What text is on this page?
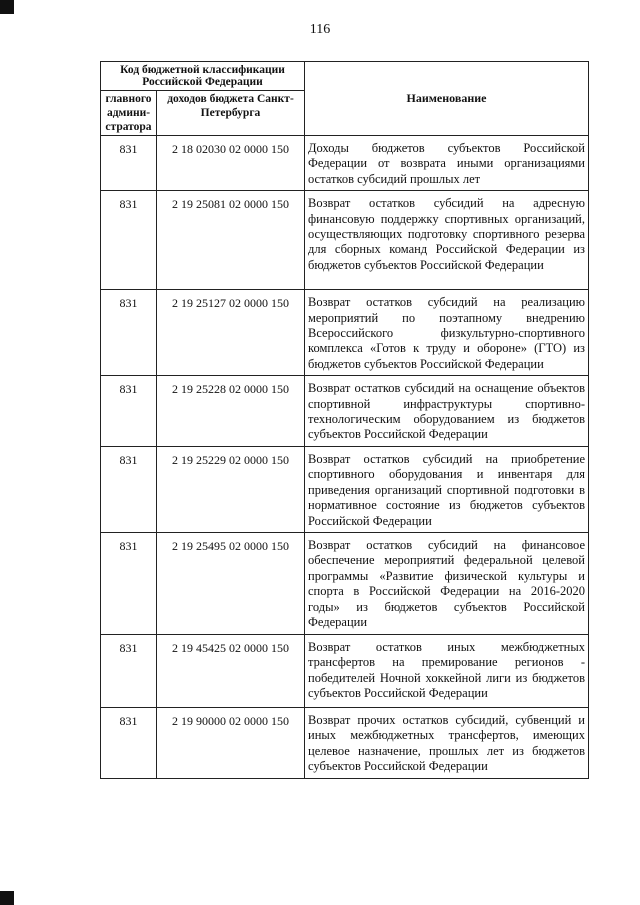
116
Код бюджетной классификации Российской Федерации		Наименование
главного админи-стратора	доходов бюджета Санкт-Петербурга	
831	2 18 02030 02 0000 150	Доходы бюджетов субъектов Российской Федерации от возврата иными организациями остатков субсидий прошлых лет
831	2 19 25081 02 0000 150	Возврат остатков субсидий на адресную финансовую поддержку спортивных организаций, осуществляющих подготовку спортивного резерва для сборных команд Российской Федерации из бюджетов субъектов Российской Федерации
831	2 19 25127 02 0000 150	Возврат остатков субсидий на реализацию мероприятий по поэтапному внедрению Всероссийского физкультурно-спортивного комплекса «Готов к труду и обороне» (ГТО) из бюджетов субъектов Российской Федерации
831	2 19 25228 02 0000 150	Возврат остатков субсидий на оснащение объектов спортивной инфраструктуры спортивно-технологическим оборудованием из бюджетов субъектов Российской Федерации
831	2 19 25229 02 0000 150	Возврат остатков субсидий на приобретение спортивного оборудования и инвентаря для приведения организаций спортивной подготовки в нормативное состояние из бюджетов субъектов Российской Федерации
831	2 19 25495 02 0000 150	Возврат остатков субсидий на финансовое обеспечение мероприятий федеральной целевой программы «Развитие физической культуры и спорта в Российской Федерации на 2016-2020 годы» из бюджетов субъектов Российской Федерации
831	2 19 45425 02 0000 150	Возврат остатков иных межбюджетных трансфертов на премирование регионов - победителей Ночной хоккейной лиги из бюджетов субъектов Российской Федерации
831	2 19 90000 02 0000 150	Возврат прочих остатков субсидий, субвенций и иных межбюджетных трансфертов, имеющих целевое назначение, прошлых лет из бюджетов субъектов Российской Федерации
